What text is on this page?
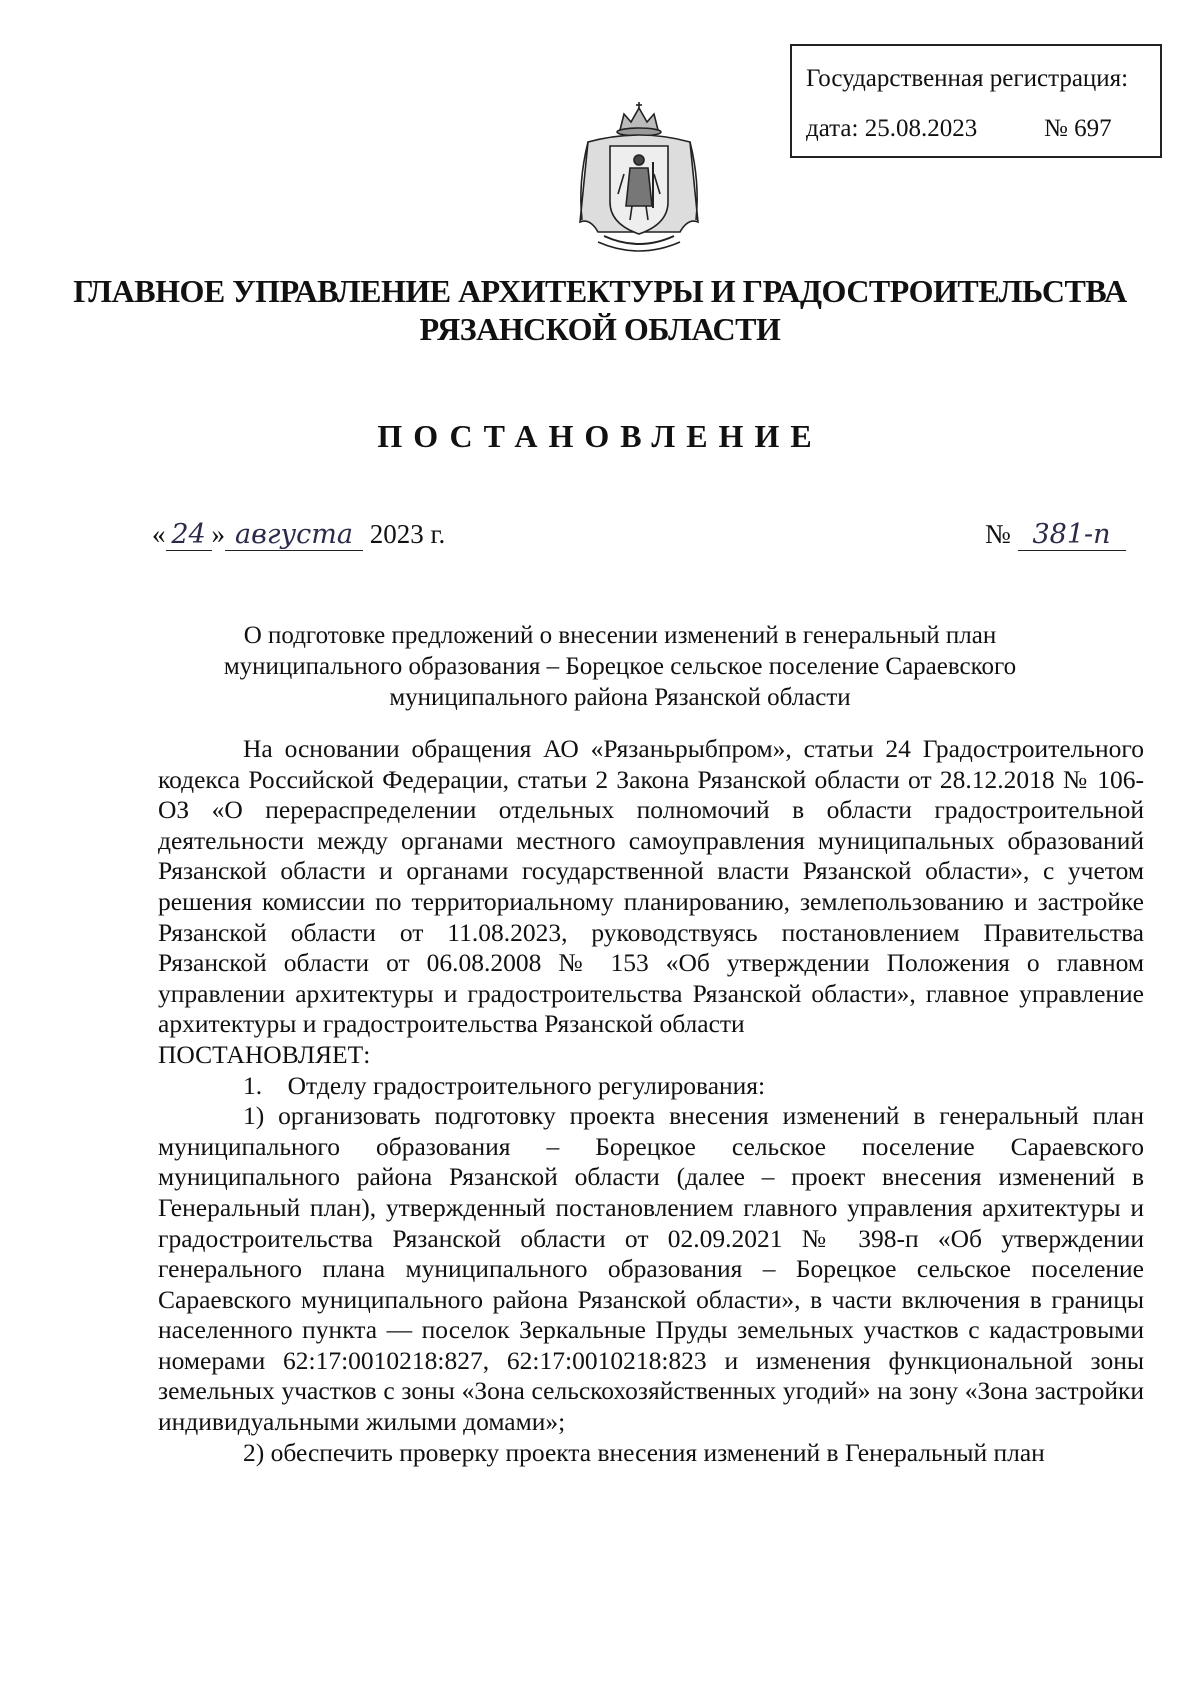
Государственная регистрация:
дата: 25.08.2023	№ 697
ГЛАВНОЕ УПРАВЛЕНИЕ АРХИТЕКТУРЫ И ГРАДОСТРОИТЕЛЬСТВА
РЯЗАНСКОЙ ОБЛАСТИ
ПОСТАНОВЛЕНИЕ
« 24 » августа 2023 г.	№ 381-п
О подготовке предложений о внесении изменений в генеральный план
муниципального образования – Борецкое сельское поселение Сараевского
муниципального района Рязанской области

На основании обращения АО «Рязаньрыбпром», статьи 24 Градостроительного кодекса Российской Федерации, статьи 2 Закона Рязанской области от 28.12.2018 № 106-ОЗ «О перераспределении отдельных полномочий в области градостроительной деятельности между органами местного самоуправления муниципальных образований Рязанской области и органами государственной власти Рязанской области», с учетом решения комиссии по территориальному планированию, землепользованию и застройке Рязанской области от 11.08.2023, руководствуясь постановлением Правительства Рязанской области от 06.08.2008 № 153 «Об утверждении Положения о главном управлении архитектуры и градостроительства Рязанской области», главное управление архитектуры и градостроительства Рязанской области

ПОСТАНОВЛЯЕТ:

1. Отделу градостроительного регулирования:

1) организовать подготовку проекта внесения изменений в генеральный план муниципального образования – Борецкое сельское поселение Сараевского муниципального района Рязанской области (далее – проект внесения изменений в Генеральный план), утвержденный постановлением главного управления архитектуры и градостроительства Рязанской области от 02.09.2021 № 398-п «Об утверждении генерального плана муниципального образования – Борецкое сельское поселение Сараевского муниципального района Рязанской области», в части включения в границы населенного пункта — поселок Зеркальные Пруды земельных участков с кадастровыми номерами 62:17:0010218:827, 62:17:0010218:823 и изменения функциональной зоны земельных участков с зоны «Зона сельскохозяйственных угодий» на зону «Зона застройки индивидуальными жилыми домами»;

2) обеспечить проверку проекта внесения изменений в Генеральный план
